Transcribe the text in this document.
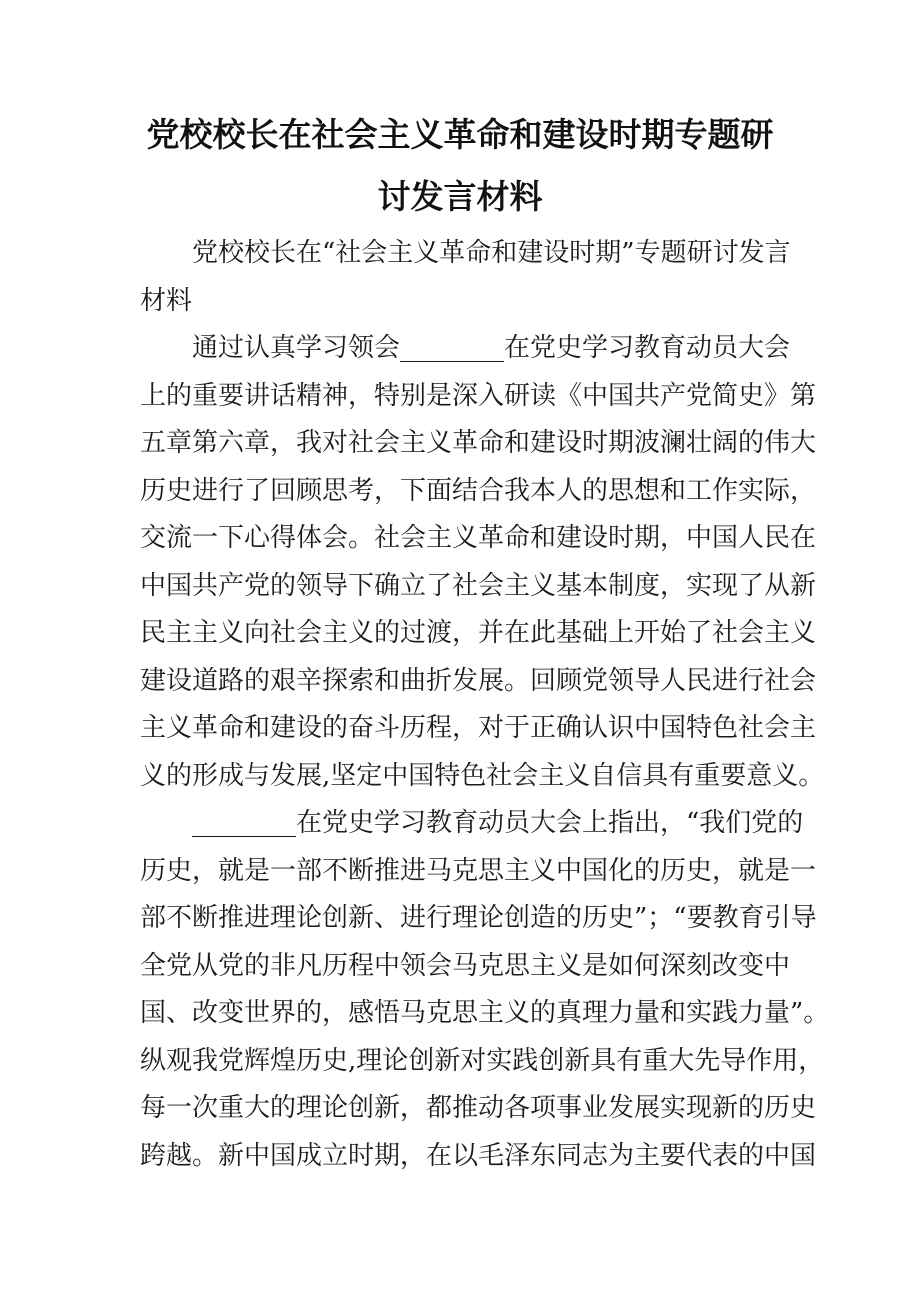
党校校长在社会主义革命和建设时期专题研
讨发言材料
党校校长在“社会主义革命和建设时期”专题研讨发言
材料
通过认真学习领会________在党史学习教育动员大会
上的重要讲话精神，特别是深入研读《中国共产党简史》第
五章第六章，我对社会主义革命和建设时期波澜壮阔的伟大
历史进行了回顾思考，下面结合我本人的思想和工作实际，
交流一下心得体会。社会主义革命和建设时期，中国人民在
中国共产党的领导下确立了社会主义基本制度，实现了从新
民主主义向社会主义的过渡，并在此基础上开始了社会主义
建设道路的艰辛探索和曲折发展。回顾党领导人民进行社会
主义革命和建设的奋斗历程，对于正确认识中国特色社会主
义的形成与发展,坚定中国特色社会主义自信具有重要意义。
________在党史学习教育动员大会上指出，“我们党的
历史，就是一部不断推进马克思主义中国化的历史，就是一
部不断推进理论创新、进行理论创造的历史”；“要教育引导
全党从党的非凡历程中领会马克思主义是如何深刻改变中
国、改变世界的，感悟马克思主义的真理力量和实践力量”。
纵观我党辉煌历史,理论创新对实践创新具有重大先导作用，
每一次重大的理论创新，都推动各项事业发展实现新的历史
跨越。新中国成立时期，在以毛泽东同志为主要代表的中国
